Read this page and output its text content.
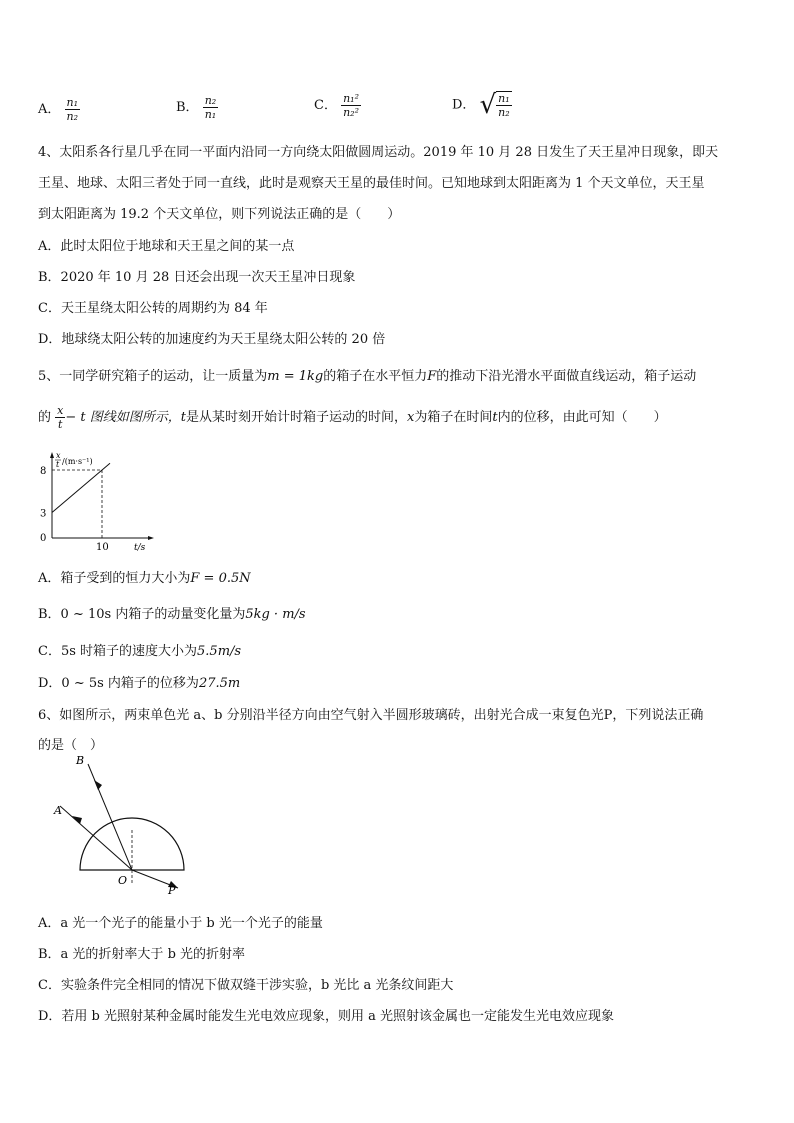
A． $\frac{\text{n₁}}{\text{n₂}}$	B． $\frac{\text{n₂}}{\text{n₁}}$	C． $\frac{\text{n₁²}}{\text{n₂²}}$	D． √ $\frac{\text{n₁}}{\text{n₂}}$
4、太阳系各行星几乎在同一平面内沿同一方向绕太阳做圆周运动。2019 年 10 月 28 日发生了天王星冲日现象，即天
王星、地球、太阳三者处于同一直线，此时是观察天王星的最佳时间。已知地球到太阳距离为 1 个天文单位，天王星
到太阳距离为 19.2 个天文单位，则下列说法正确的是（　　）
A．此时太阳位于地球和天王星之间的某一点
B．2020 年 10 月 28 日还会出现一次天王星冲日现象
C．天王星绕太阳公转的周期约为 84 年
D．地球绕太阳公转的加速度约为天王星绕太阳公转的 20 倍
5、一同学研究箱子的运动，让一质量为m = 1kg的箱子在水平恒力F的推动下沿光滑水平面做直线运动，箱子运动
的 $\frac{x}{t} - t$ 图线如图所示，t是从某时刻开始计时箱子运动的时间，x为箱子在时间t内的位移，由此可知（　　）
x
t /(m·s⁻¹)
t/s
8
3
0
10
A．箱子受到的恒力大小为F = 0.5N
B．0 ~ 10s 内箱子的动量变化量为5kg · m/s
C．5s 时箱子的速度大小为5.5m/s
D．0 ~ 5s 内箱子的位移为27.5m
6、如图所示，两束单色光 a、b 分别沿半径方向由空气射入半圆形玻璃砖，出射光合成一束复色光P，下列说法正确
的是（　）
B
A
O
P
A．a 光一个光子的能量小于 b 光一个光子的能量
B．a 光的折射率大于 b 光的折射率
C．实验条件完全相同的情况下做双缝干涉实验，b 光比 a 光条纹间距大
D．若用 b 光照射某种金属时能发生光电效应现象，则用 a 光照射该金属也一定能发生光电效应现象
